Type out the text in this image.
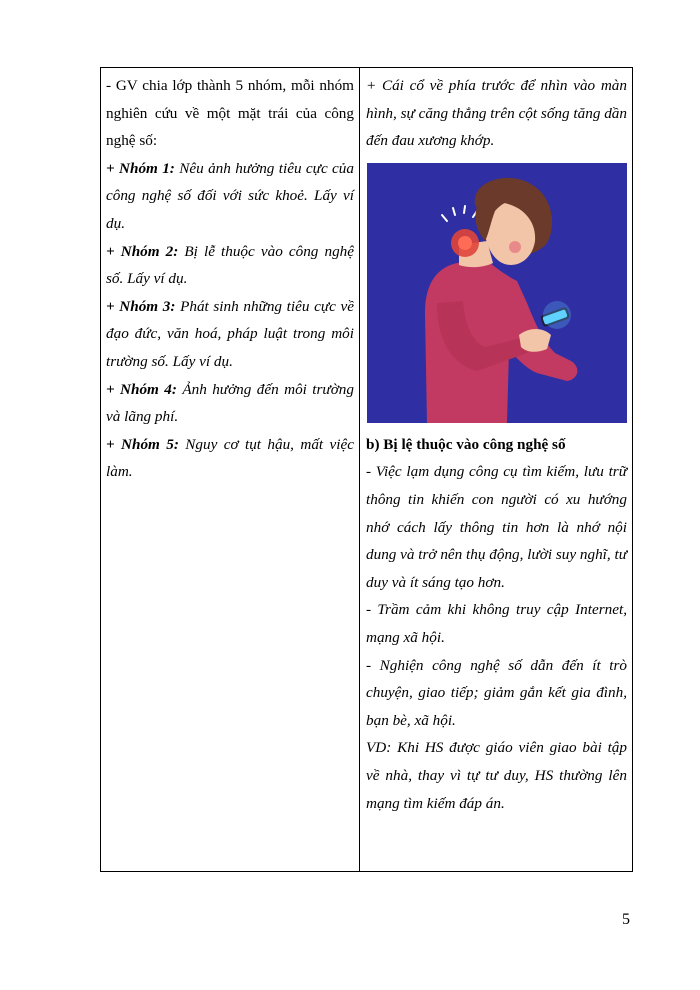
- GV chia lớp thành 5 nhóm, mỗi nhóm nghiên cứu về một mặt trái của công nghệ số:

+ Nhóm 1: Nêu ảnh hưởng tiêu cực của công nghệ số đối với sức khoẻ. Lấy ví dụ.

+ Nhóm 2: Bị lễ thuộc vào công nghệ số. Lấy ví dụ.

+ Nhóm 3: Phát sinh những tiêu cực về đạo đức, văn hoá, pháp luật trong môi trường số. Lấy ví dụ.

+ Nhóm 4: Ảnh hưởng đến môi trường và lãng phí.

+ Nhóm 5: Nguy cơ tụt hậu, mất việc làm.

+ Cái cổ về phía trước để nhìn vào màn hình, sự căng thẳng trên cột sống tăng dần đến đau xương khớp.

b) Bị lệ thuộc vào công nghệ số

- Việc lạm dụng công cụ tìm kiếm, lưu trữ thông tin khiến con người có xu hướng nhớ cách lấy thông tin hơn là nhớ nội dung và trở nên thụ động, lười suy nghĩ, tư duy và ít sáng tạo hơn.

- Trầm cảm khi không truy cập Internet, mạng xã hội.

- Nghiện công nghệ số dẫn đến ít trò chuyện, giao tiếp; giảm gắn kết gia đình, bạn bè, xã hội.

VD: Khi HS được giáo viên giao bài tập về nhà, thay vì tự tư duy, HS thường lên mạng tìm kiếm đáp án.

5
